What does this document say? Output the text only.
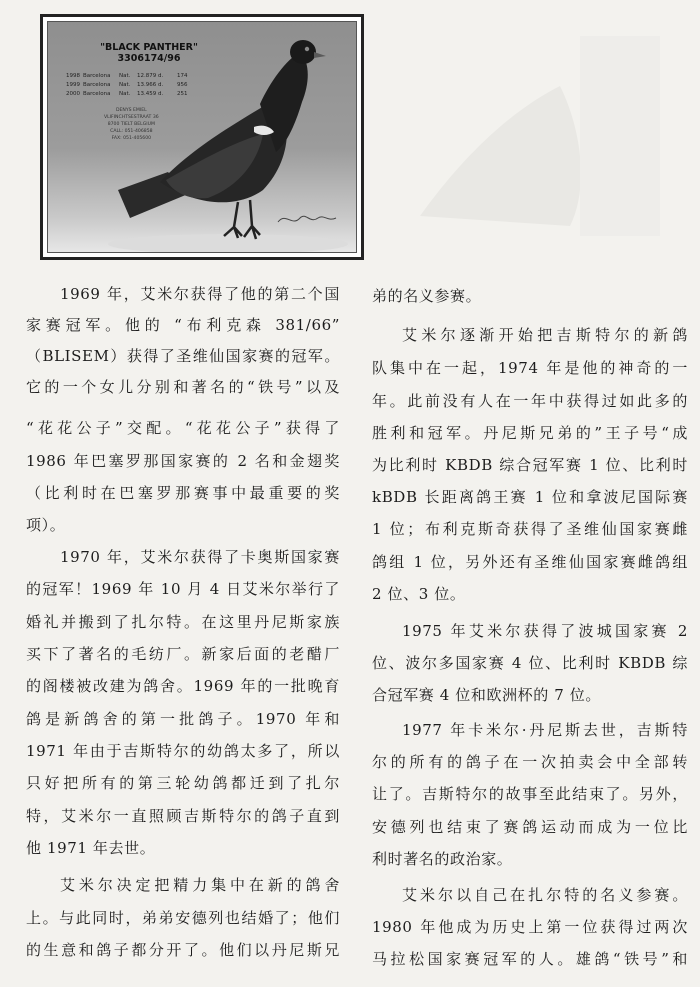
"BLACK PANTHER"
3306174/96
1998 Barcelona Nat. 12.879 d.	174
1999 Barcelona Nat. 13.966 d.	956
2000 Barcelona Nat. 13.459 d.	251
DENYS EMIEL
VLIFINCHTSESTRAAT 36
8700 TIELT BELGIUM
CALL: 051-406858
FAX: 051-405600
1969 年，艾米尔获得了他的第二个国
家赛冠军。他的 “布利克森 381/66”
（BLISEM）获得了圣维仙国家赛的冠军。
它的一个女儿分别和著名的“铁号”以及
“花花公子”交配。“花花公子”获得了
1986 年巴塞罗那国家赛的 2 名和金翅奖
（比利时在巴塞罗那赛事中最重要的奖
项）。
1970 年，艾米尔获得了卡奥斯国家赛
的冠军！1969 年 10 月 4 日艾米尔举行了
婚礼并搬到了扎尔特。在这里丹尼斯家族
买下了著名的毛纺厂。新家后面的老醋厂
的阁楼被改建为鸽舍。1969 年的一批晚育
鸽是新鸽舍的第一批鸽子。1970 年和
1971 年由于吉斯特尔的幼鸽太多了，所以
只好把所有的第三轮幼鸽都迁到了扎尔
特，艾米尔一直照顾吉斯特尔的鸽子直到
他 1971 年去世。
艾米尔决定把精力集中在新的鸽舍
上。与此同时，弟弟安德列也结婚了；他们
的生意和鸽子都分开了。他们以丹尼斯兄
弟的名义参赛。
艾米尔逐渐开始把吉斯特尔的新鸽
队集中在一起，1974 年是他的神奇的一
年。此前没有人在一年中获得过如此多的
胜利和冠军。丹尼斯兄弟的”王子号“成
为比利时 KBDB 综合冠军赛 1 位、比利时
kBDB 长距离鸽王赛 1 位和拿波尼国际赛
1 位；布利克斯奇获得了圣维仙国家赛雌
鸽组 1 位，另外还有圣维仙国家赛雌鸽组
2 位、3 位。
1975 年艾米尔获得了波城国家赛 2
位、波尔多国家赛 4 位、比利时 KBDB 综
合冠军赛 4 位和欧洲杯的 7 位。
1977 年卡米尔·丹尼斯去世，吉斯特
尔的所有的鸽子在一次拍卖会中全部转
让了。吉斯特尔的故事至此结束了。另外，
安德列也结束了赛鸽运动而成为一位比
利时著名的政治家。
艾米尔以自己在扎尔特的名义参赛。
1980 年他成为历史上第一位获得过两次
马拉松国家赛冠军的人。雄鸽“铁号”和
